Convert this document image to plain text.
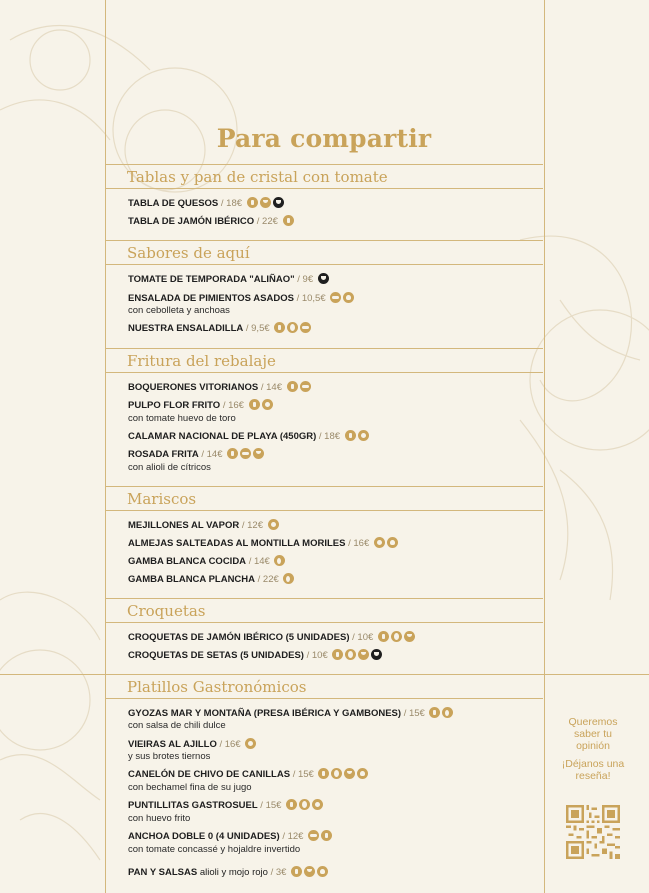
Para compartir
Tablas y pan de cristal con tomate
TABLA DE QUESOS / 18€
TABLA DE JAMÓN IBÉRICO / 22€
Sabores de aquí
TOMATE DE TEMPORADA "ALIÑAO" / 9€
ENSALADA DE PIMIENTOS ASADOS / 10,5€
con cebolleta y anchoas
NUESTRA ENSALADILLA / 9,5€
Fritura del rebalaje
BOQUERONES VITORIANOS / 14€
PULPO FLOR FRITO / 16€
con tomate huevo de toro
CALAMAR NACIONAL DE PLAYA (450GR) / 18€
ROSADA FRITA / 14€
con alioli de cítricos
Mariscos
MEJILLONES AL VAPOR / 12€
ALMEJAS SALTEADAS AL MONTILLA MORILES / 16€
GAMBA BLANCA COCIDA / 14€
GAMBA BLANCA PLANCHA / 22€
Croquetas
CROQUETAS DE JAMÓN IBÉRICO (5 UNIDADES) / 10€
CROQUETAS DE SETAS (5 UNIDADES) / 10€
Platillos Gastronómicos
GYOZAS MAR Y MONTAÑA (PRESA IBÉRICA Y GAMBONES) / 15€
con salsa de chili dulce
VIEIRAS AL AJILLO / 16€
y sus brotes tiernos
CANELÓN DE CHIVO DE CANILLAS / 15€
con bechamel fina de su jugo
PUNTILLITAS GASTROSUEL / 15€
con huevo frito
ANCHOA DOBLE 0 (4 UNIDADES) / 12€
con tomate concassé y hojaldre invertido
PAN Y SALSAS alioli y mojo rojo / 3€

Queremos saber tu opinión

¡Déjanos una reseña!
